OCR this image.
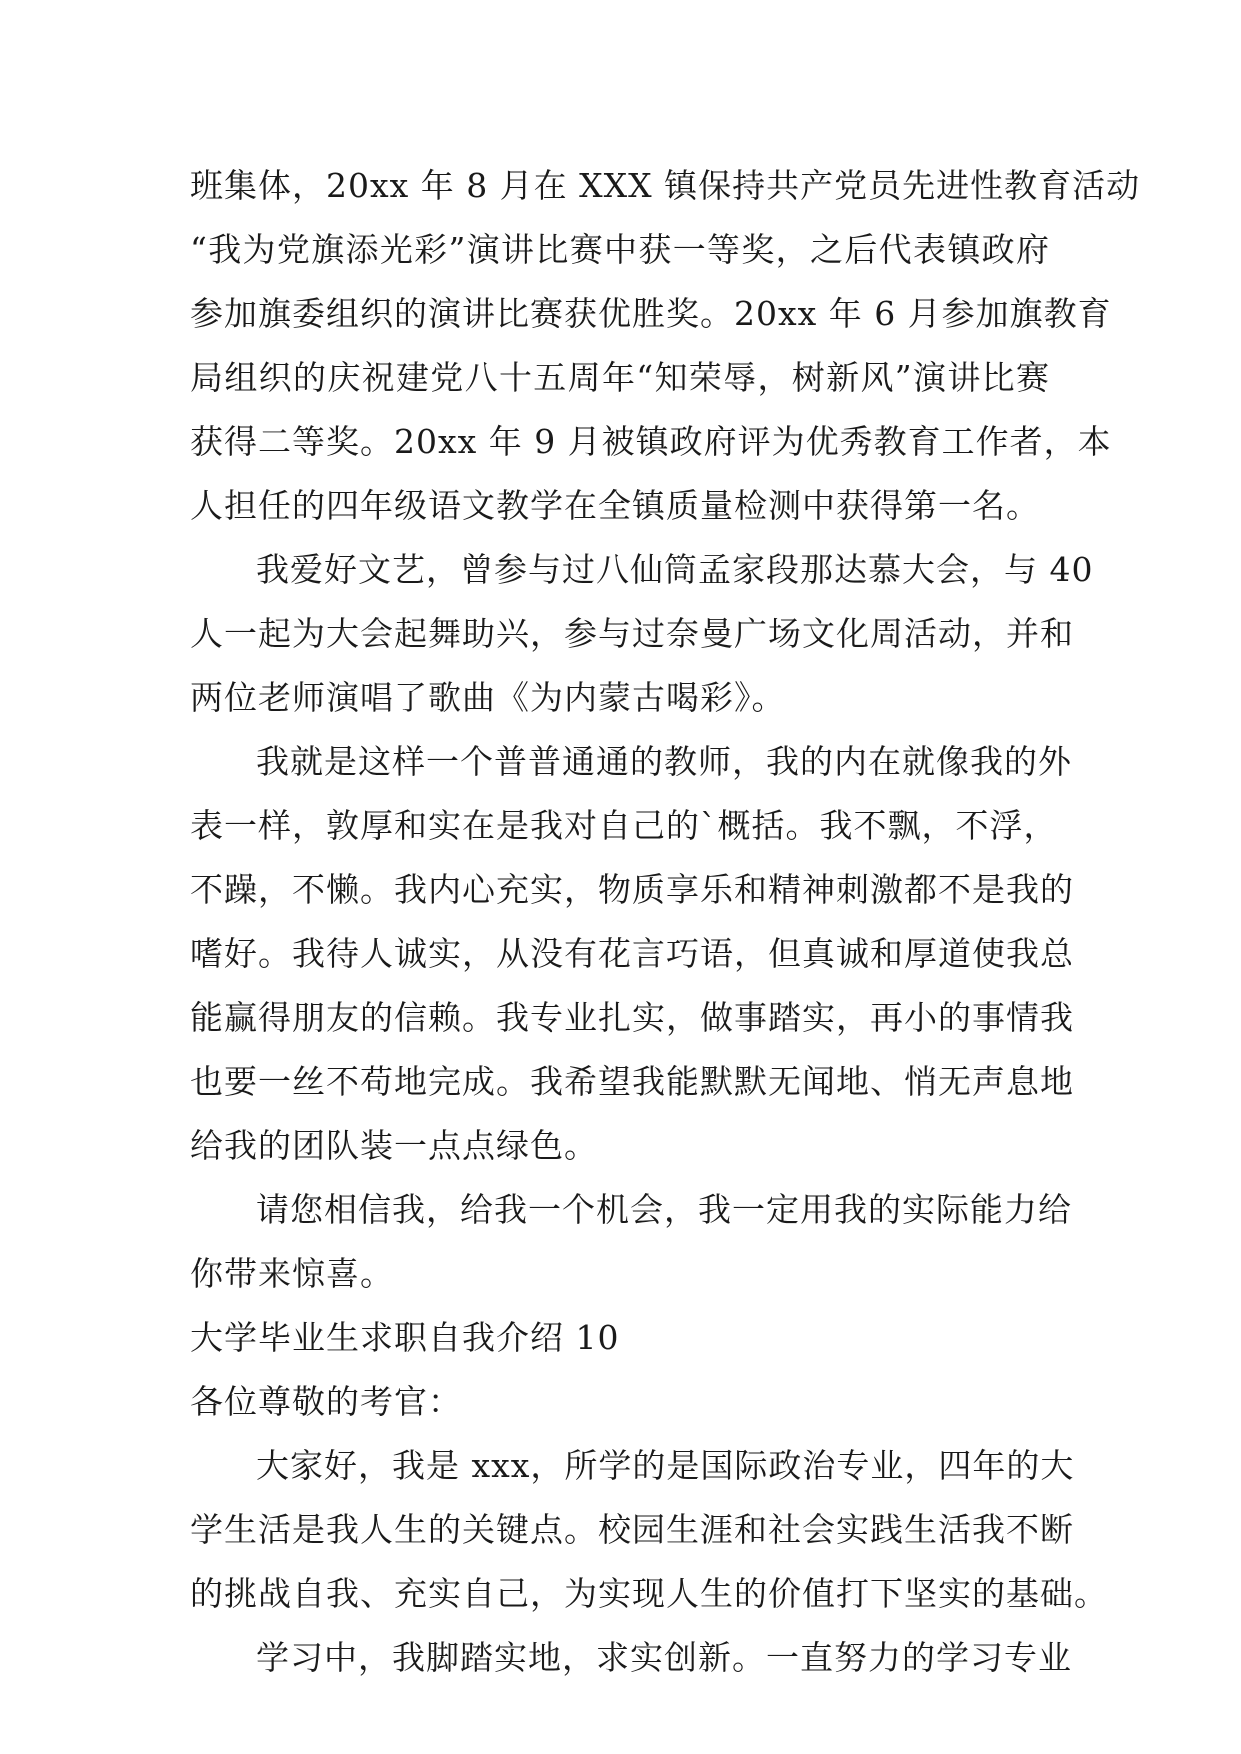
班集体，20xx 年 8 月在 XXX 镇保持共产党员先进性教育活动
“我为党旗添光彩”演讲比赛中获一等奖，之后代表镇政府
参加旗委组织的演讲比赛获优胜奖。20xx 年 6 月参加旗教育
局组织的庆祝建党八十五周年“知荣辱，树新风”演讲比赛
获得二等奖。20xx 年 9 月被镇政府评为优秀教育工作者，本
人担任的四年级语文教学在全镇质量检测中获得第一名。
我爱好文艺，曾参与过八仙筒孟家段那达慕大会，与 40
人一起为大会起舞助兴，参与过奈曼广场文化周活动，并和
两位老师演唱了歌曲《为内蒙古喝彩》。
我就是这样一个普普通通的教师，我的内在就像我的外
表一样，敦厚和实在是我对自己的`概括。我不飘，不浮，
不躁，不懒。我内心充实，物质享乐和精神刺激都不是我的
嗜好。我待人诚实，从没有花言巧语，但真诚和厚道使我总
能赢得朋友的信赖。我专业扎实，做事踏实，再小的事情我
也要一丝不苟地完成。我希望我能默默无闻地、悄无声息地
给我的团队装一点点绿色。
请您相信我，给我一个机会，我一定用我的实际能力给
你带来惊喜。
大学毕业生求职自我介绍 10
各位尊敬的考官：
大家好，我是 xxx，所学的是国际政治专业，四年的大
学生活是我人生的关键点。校园生涯和社会实践生活我不断
的挑战自我、充实自己，为实现人生的价值打下坚实的基础。
学习中，我脚踏实地，求实创新。一直努力的学习专业
